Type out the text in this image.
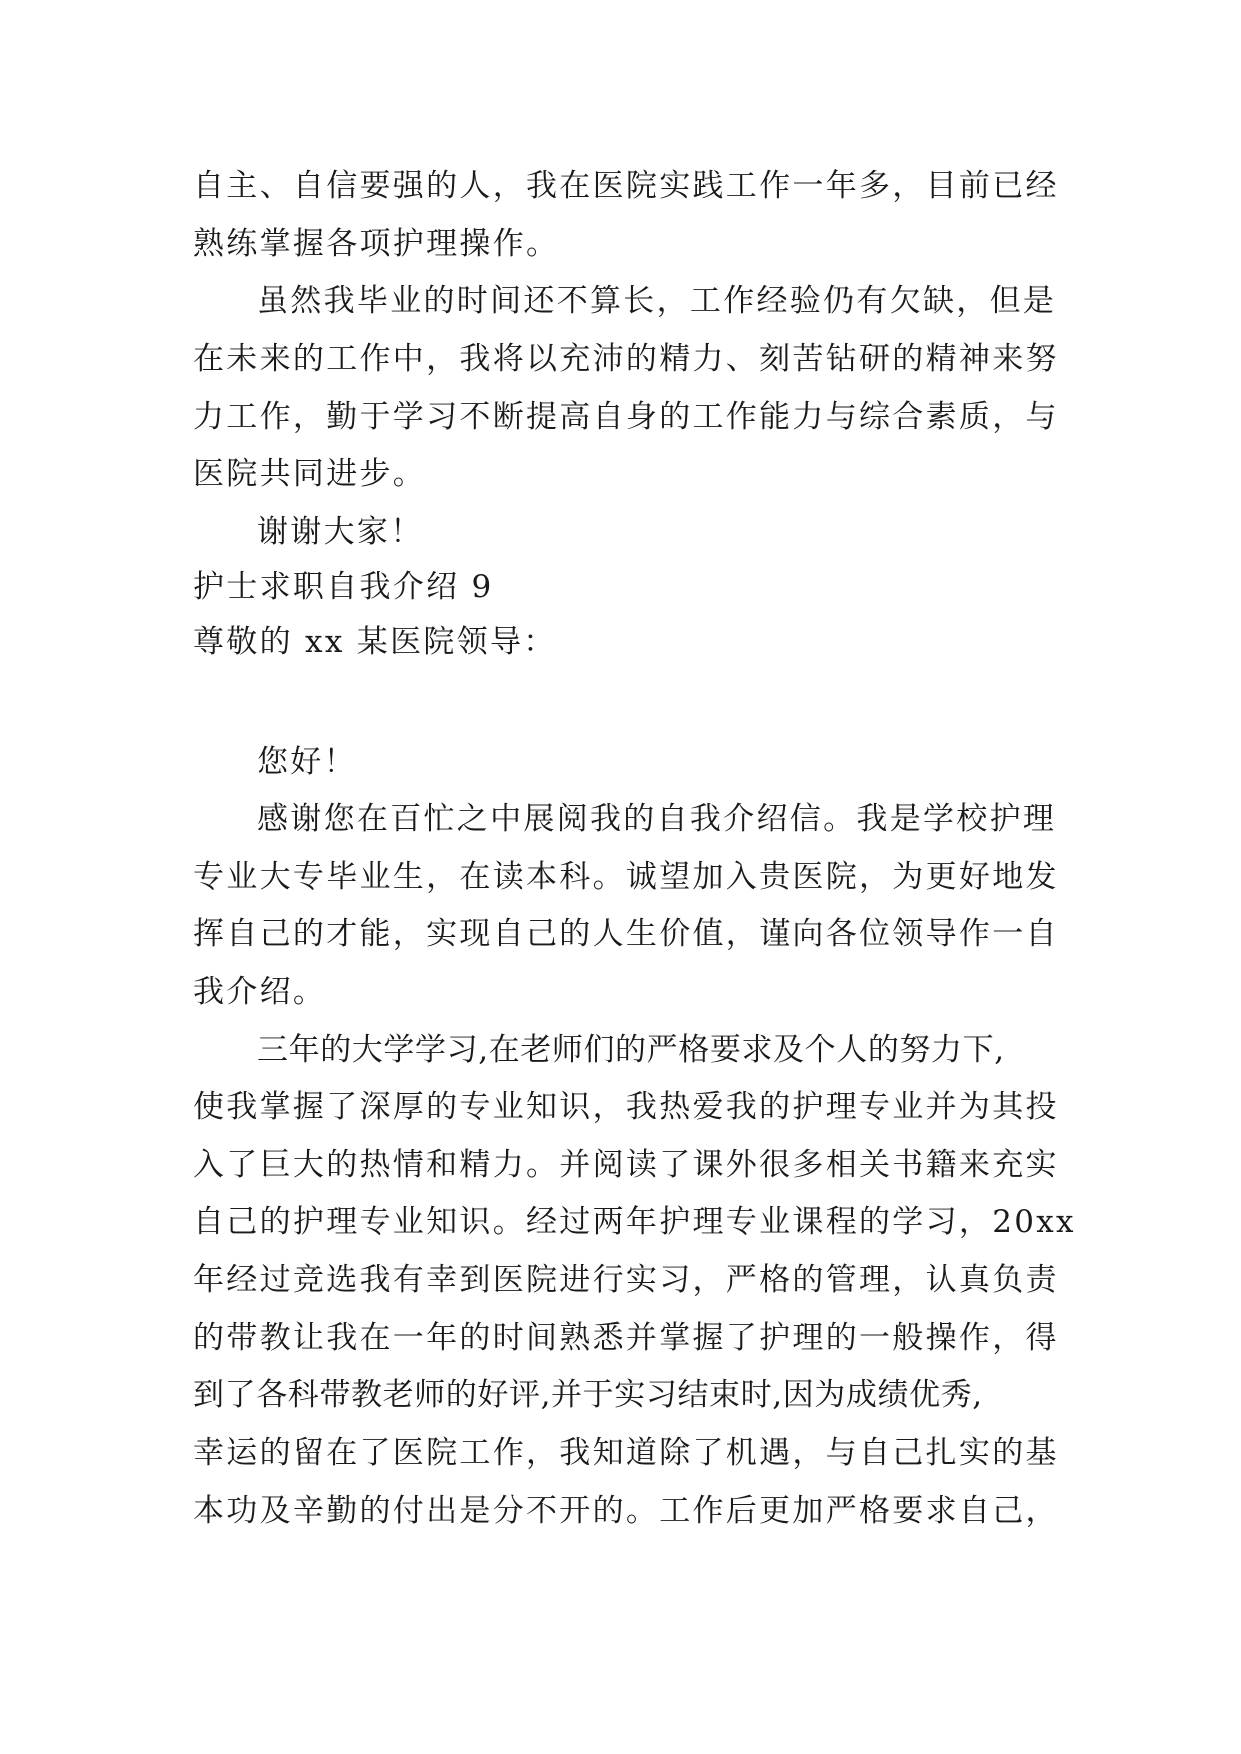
自主、自信要强的人，我在医院实践工作一年多，目前已经
熟练掌握各项护理操作。
虽然我毕业的时间还不算长，工作经验仍有欠缺，但是
在未来的工作中，我将以充沛的精力、刻苦钻研的精神来努
力工作，勤于学习不断提高自身的工作能力与综合素质，与
医院共同进步。
谢谢大家！
护士求职自我介绍 9
尊敬的 xx 某医院领导：
您好！
感谢您在百忙之中展阅我的自我介绍信。我是学校护理
专业大专毕业生，在读本科。诚望加入贵医院，为更好地发
挥自己的才能，实现自己的人生价值，谨向各位领导作一自
我介绍。
三年的大学学习,在老师们的严格要求及个人的努力下,
使我掌握了深厚的专业知识，我热爱我的护理专业并为其投
入了巨大的热情和精力。并阅读了课外很多相关书籍来充实
自己的护理专业知识。经过两年护理专业课程的学习，20xx
年经过竞选我有幸到医院进行实习，严格的管理，认真负责
的带教让我在一年的时间熟悉并掌握了护理的一般操作，得
到了各科带教老师的好评,并于实习结束时,因为成绩优秀,
幸运的留在了医院工作，我知道除了机遇，与自己扎实的基
本功及辛勤的付出是分不开的。工作后更加严格要求自己，
